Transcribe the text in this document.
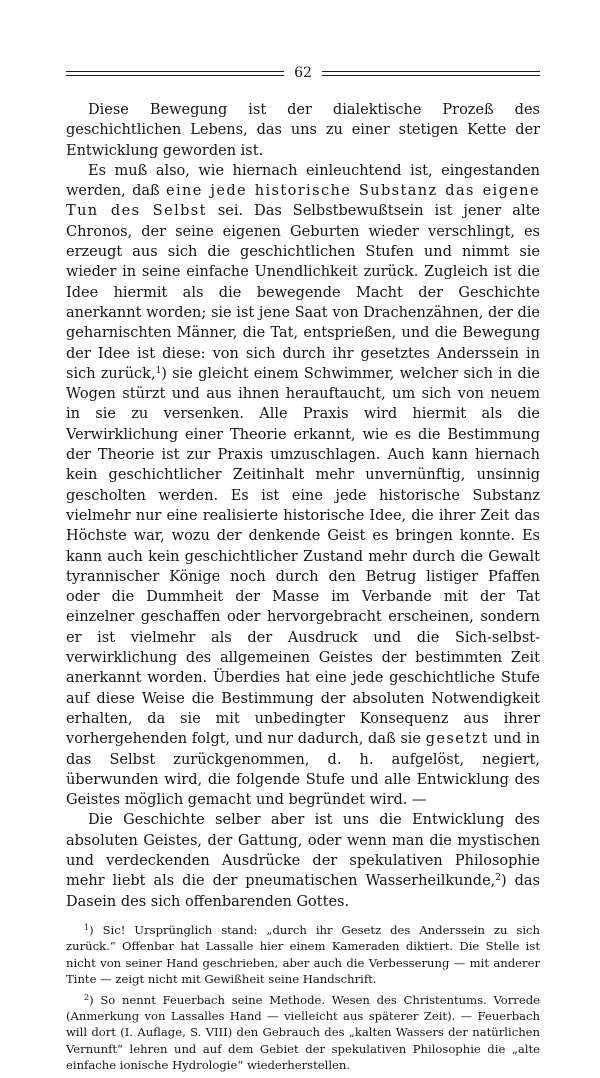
62

Diese Bewegung ist der dialektische Prozeß des geschichtlichen Lebens, das uns zu einer stetigen Kette der Entwicklung geworden ist.

Es muß also, wie hiernach einleuchtend ist, eingestanden werden, daß eine jede historische Substanz das eigene Tun des Selbst sei. Das Selbstbewußtsein ist jener alte Chronos, der seine eigenen Geburten wieder verschlingt, es erzeugt aus sich die geschichtlichen Stufen und nimmt sie wieder in seine einfache Unendlichkeit zurück. Zugleich ist die Idee hiermit als die bewegende Macht der Geschichte anerkannt worden; sie ist jene Saat von Drachenzähnen, der die geharnischten Männer, die Tat, entsprießen, und die Bewegung der Idee ist diese: von sich durch ihr gesetztes Anderssein in sich zurück,$^1$) sie gleicht einem Schwimmer, welcher sich in die Wogen stürzt und aus ihnen herauftaucht, um sich von neuem in sie zu versenken. Alle Praxis wird hiermit als die Verwirklichung einer Theorie erkannt, wie es die Bestimmung der Theorie ist zur Praxis umzuschlagen. Auch kann hiernach kein geschichtlicher Zeitinhalt mehr unvernünftig, unsinnig gescholten werden. Es ist eine jede historische Substanz vielmehr nur eine realisierte historische Idee, die ihrer Zeit das Höchste war, wozu der denkende Geist es bringen konnte. Es kann auch kein geschichtlicher Zustand mehr durch die Gewalt tyrannischer Könige noch durch den Betrug listiger Pfaffen oder die Dummheit der Masse im Verbande mit der Tat einzelner geschaffen oder hervorgebracht erscheinen, sondern er ist vielmehr als der Ausdruck und die Sich-selbst-verwirklichung des allgemeinen Geistes der bestimmten Zeit anerkannt worden. Überdies hat eine jede geschichtliche Stufe auf diese Weise die Bestimmung der absoluten Notwendigkeit erhalten, da sie mit unbedingter Konsequenz aus ihrer vorhergehenden folgt, und nur dadurch, daß sie gesetzt und in das Selbst zurückgenommen, d. h. aufgelöst, negiert, überwunden wird, die folgende Stufe und alle Entwicklung des Geistes möglich gemacht und begründet wird. —

Die Geschichte selber aber ist uns die Entwicklung des absoluten Geistes, der Gattung, oder wenn man die mystischen und verdeckenden Ausdrücke der spekulativen Philosophie mehr liebt als die der pneumatischen Wasserheilkunde,$^2$) das Dasein des sich offenbarenden Gottes.

$^1$) Sic! Ursprünglich stand: „durch ihr Gesetz des Anderssein zu sich zurück.“ Offenbar hat Lassalle hier einem Kameraden diktiert. Die Stelle ist nicht von seiner Hand geschrieben, aber auch die Verbesserung — mit anderer Tinte — zeigt nicht mit Gewißheit seine Handschrift.

$^2$) So nennt Feuerbach seine Methode. Wesen des Christentums. Vorrede (Anmerkung von Lassalles Hand — vielleicht aus späterer Zeit). — Feuerbach will dort (I. Auflage, S. VIII) den Gebrauch des „kalten Wassers der natürlichen Vernunft“ lehren und auf dem Gebiet der spekulativen Philosophie die „alte einfache ionische Hydrologie“ wiederherstellen.
